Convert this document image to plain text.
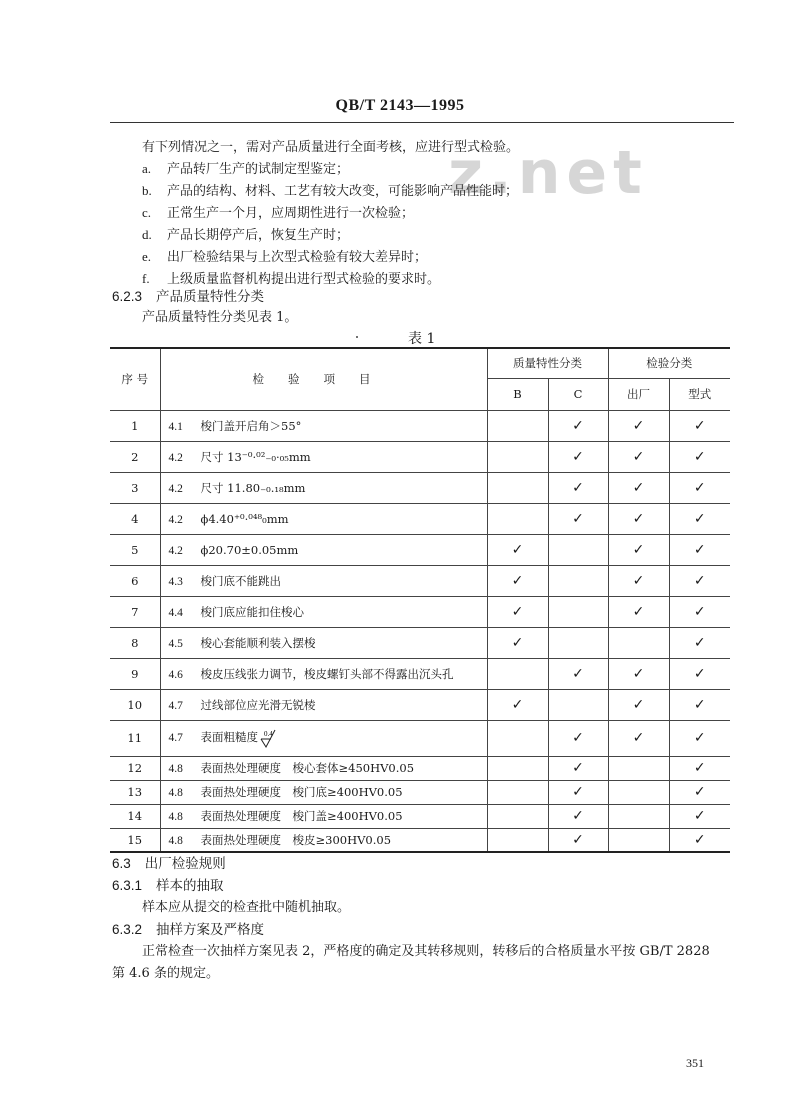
QB/T 2143—1995
z.net
有下列情况之一，需对产品质量进行全面考核，应进行型式检验。
a. 产品转厂生产的试制定型鉴定；
b. 产品的结构、材料、工艺有较大改变，可能影响产品性能时；
c. 正常生产一个月，应周期性进行一次检验；
d. 产品长期停产后，恢复生产时；
e. 出厂检验结果与上次型式检验有较大差异时；
f. 上级质量监督机构提出进行型式检验的要求时。
6.2.3 产品质量特性分类
产品质量特性分类见表 1。
表 1
序 号	检验项目	质量特性分类		检验分类	
		B	C	出厂	型式
1	4.1 梭门盖开启角＞55°		✓	✓	✓
2	4.2 尺寸 13⁻⁰·⁰²₋₀·₀₅mm		✓	✓	✓
3	4.2 尺寸 11.80₋₀.₁₈mm		✓	✓	✓
4	4.2 ϕ4.40⁺⁰·⁰⁴⁸₀mm		✓	✓	✓
5	4.2 ϕ20.70±0.05mm	✓		✓	✓
6	4.3 梭门底不能跳出	✓		✓	✓
7	4.4 梭门底应能扣住梭心	✓		✓	✓
8	4.5 梭心套能顺利装入摆梭	✓			✓
9	4.6 梭皮压线张力调节，梭皮螺钉头部不得露出沉头孔		✓	✓	✓
10	4.7 过线部位应光滑无锐棱	✓		✓	✓
11	4.7 表面粗糙度 0.4		✓	✓	✓
12	4.8 表面热处理硬度　梭心套体≥450HV0.05		✓		✓
13	4.8 表面热处理硬度　梭门底≥400HV0.05		✓		✓
14	4.8 表面热处理硬度　梭门盖≥400HV0.05		✓		✓
15	4.8 表面热处理硬度　梭皮≥300HV0.05		✓		✓
6.3 出厂检验规则
6.3.1 样本的抽取
样本应从提交的检查批中随机抽取。
6.3.2 抽样方案及严格度
正常检查一次抽样方案见表 2，严格度的确定及其转移规则，转移后的合格质量水平按 GB/T 2828
第 4.6 条的规定。
351
